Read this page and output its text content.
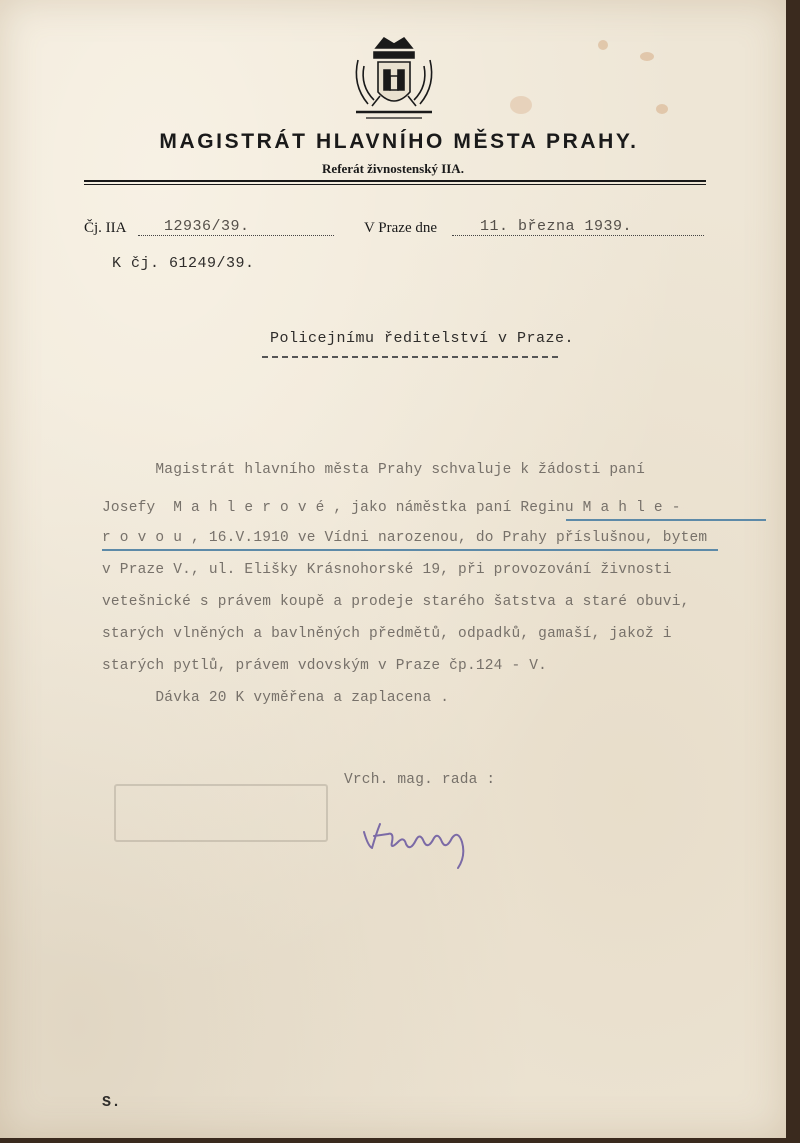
MAGISTRÁT HLAVNÍHO MĚSTA PRAHY.
Referát živnostenský IIA.
Čj. IIA	12936/39.	V Praze dne	11. března 1939.
K čj. 61249/39.
Policejnímu ředitelství v Praze.
Magistrát hlavního města Prahy schvaluje k žádosti paní
Josefy  M a h l e r o v é , jako náměstka paní Reginu M a h l e -
r o v o u , 16.V.1910 ve Vídni narozenou, do Prahy příslušnou, bytem
v Praze V., ul. Elišky Krásnohorské 19, při provozování živnosti
vetešnické s právem koupě a prodeje starého šatstva a staré obuvi,
starých vlněných a bavlněných předmětů, odpadků, gamaší, jakož i
starých pytlů, právem vdovským v Praze čp.124 - V.
Dávka 20 K vyměřena a zaplacena .
Vrch. mag. rada :
S.
